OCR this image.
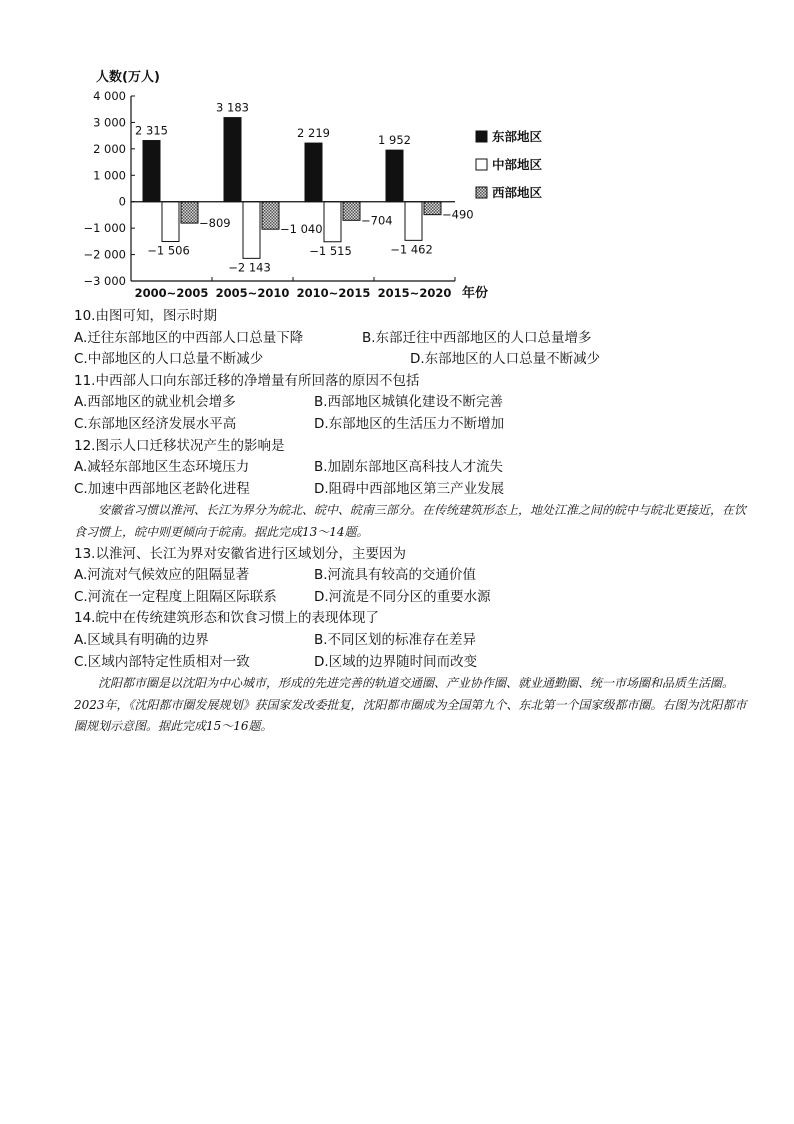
人数(万人)
年份
4 000
3 000
2 000
1 000
0
−1 000
−2 000
−3 000
2 315
−1 506
−809
3 183
−2 143
−1 040
2 219
−1 515
−704
1 952
−1 462
−490
2000~2005 2005~2010 2010~2015 2015~2020
东部地区
中部地区
西部地区
10.由图可知，图示时期
A.迁往东部地区的中西部人口总量下降	B.东部迁往中西部地区的人口总量增多
C.中部地区的人口总量不断减少	D.东部地区的人口总量不断减少
11.中西部人口向东部迁移的净增量有所回落的原因不包括
A.西部地区的就业机会增多	B.西部地区城镇化建设不断完善
C.东部地区经济发展水平高	D.东部地区的生活压力不断增加
12.图示人口迁移状况产生的影响是
A.减轻东部地区生态环境压力	B.加剧东部地区高科技人才流失
C.加速中西部地区老龄化进程	D.阻碍中西部地区第三产业发展

安徽省习惯以淮河、长江为界分为皖北、皖中、皖南三部分。在传统建筑形态上，地处江淮之间的皖中与皖北更接近，在饮食习惯上，皖中则更倾向于皖南。据此完成13～14题。

13.以淮河、长江为界对安徽省进行区域划分，主要因为
A.河流对气候效应的阻隔显著	B.河流具有较高的交通价值
C.河流在一定程度上阻隔区际联系	D.河流是不同分区的重要水源
14.皖中在传统建筑形态和饮食习惯上的表现体现了
A.区域具有明确的边界	B.不同区划的标准存在差异
C.区域内部特定性质相对一致	D.区域的边界随时间而改变

沈阳都市圈是以沈阳为中心城市，形成的先进完善的轨道交通圈、产业协作圈、就业通勤圈、统一市场圈和品质生活圈。2023年，《沈阳都市圈发展规划》获国家发改委批复，沈阳都市圈成为全国第九个、东北第一个国家级都市圈。右图为沈阳都市圈规划示意图。据此完成15～16题。
